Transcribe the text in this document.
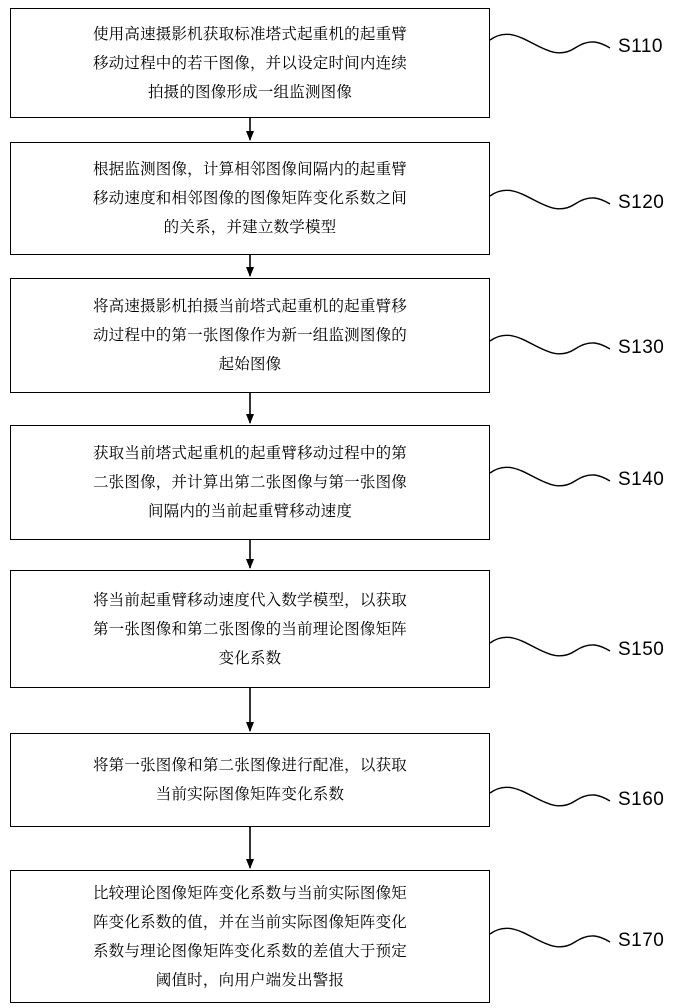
使用高速摄影机获取标准塔式起重机的起重臂
移动过程中的若干图像，并以设定时间内连续
拍摄的图像形成一组监测图像
根据监测图像，计算相邻图像间隔内的起重臂
移动速度和相邻图像的图像矩阵变化系数之间
的关系，并建立数学模型
将高速摄影机拍摄当前塔式起重机的起重臂移
动过程中的第一张图像作为新一组监测图像的
起始图像
获取当前塔式起重机的起重臂移动过程中的第
二张图像，并计算出第二张图像与第一张图像
间隔内的当前起重臂移动速度
将当前起重臂移动速度代入数学模型，以获取
第一张图像和第二张图像的当前理论图像矩阵
变化系数
将第一张图像和第二张图像进行配准，以获取
当前实际图像矩阵变化系数
比较理论图像矩阵变化系数与当前实际图像矩
阵变化系数的值，并在当前实际图像矩阵变化
系数与理论图像矩阵变化系数的差值大于预定
阈值时，向用户端发出警报
S110
S120
S130
S140
S150
S160
S170
